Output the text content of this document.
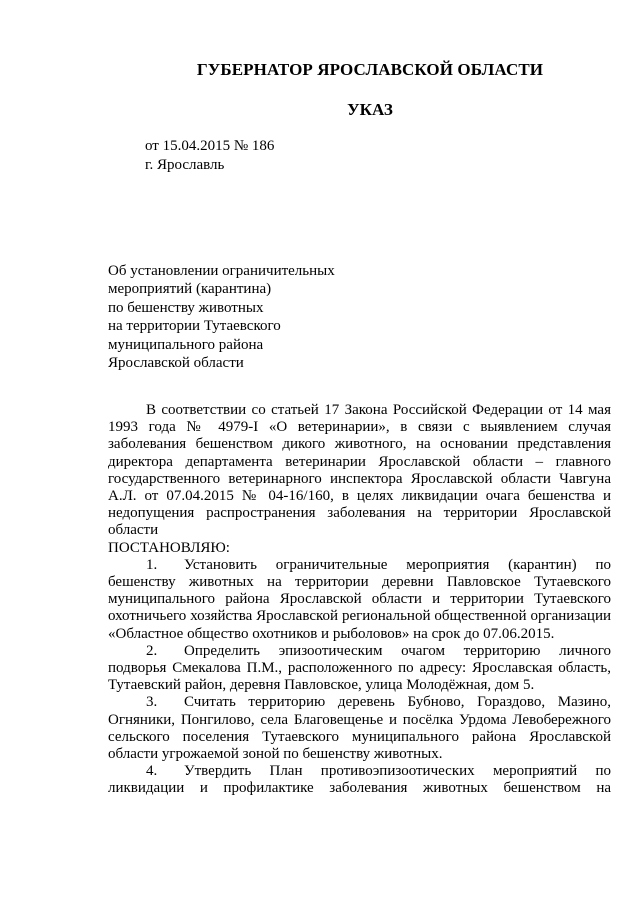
ГУБЕРНАТОР ЯРОСЛАВСКОЙ ОБЛАСТИ
УКАЗ
от 15.04.2015 № 186
г. Ярославль
Об установлении ограничительных
мероприятий (карантина)
по бешенству животных
на территории Тутаевского
муниципального района
Ярославской области

В соответствии со статьей 17 Закона Российской Федерации от 14 мая 1993 года № 4979-I «О ветеринарии», в связи с выявлением случая заболевания бешенством дикого животного, на основании представления директора департамента ветеринарии Ярославской области – главного государственного ветеринарного инспектора Ярославской области Чавгуна А.Л. от 07.04.2015 № 04-16/160, в целях ликвидации очага бешенства и недопущения распространения заболевания на территории Ярославской области

ПОСТАНОВЛЯЮ:

1. Установить ограничительные мероприятия (карантин) по бешенству животных на территории деревни Павловское Тутаевского муниципального района Ярославской области и территории Тутаевского охотничьего хозяйства Ярославской региональной общественной организации «Областное общество охотников и рыболовов» на срок до 07.06.2015.

2. Определить эпизоотическим очагом территорию личного подворья Смекалова П.М., расположенного по адресу: Ярославская область, Тутаевский район, деревня Павловское, улица Молодёжная, дом 5.

3. Считать территорию деревень Бубново, Гораздово, Мазино, Огняники, Понгилово, села Благовещенье и посёлка Урдома Левобережного сельского поселения Тутаевского муниципального района Ярославской области угрожаемой зоной по бешенству животных.

4. Утвердить План противоэпизоотических мероприятий по ликвидации и профилактике заболевания животных бешенством на
